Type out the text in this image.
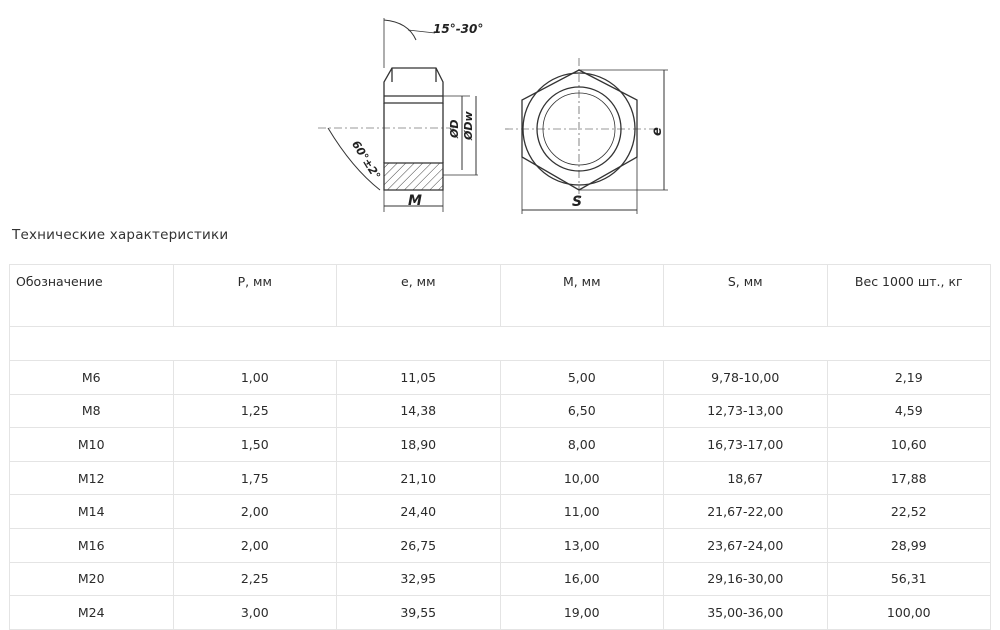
15°-30°
60°±2°
ØD ØDw
M	S
e
Технические характеристики
Обозначение	P, мм	e, мм	M, мм	S, мм	Вес 1000 шт., кг

M6	1,00	11,05	5,00	9,78-10,00	2,19
M8	1,25	14,38	6,50	12,73-13,00	4,59
M10	1,50	18,90	8,00	16,73-17,00	10,60
M12	1,75	21,10	10,00	18,67	17,88
M14	2,00	24,40	11,00	21,67-22,00	22,52
M16	2,00	26,75	13,00	23,67-24,00	28,99
M20	2,25	32,95	16,00	29,16-30,00	56,31
M24	3,00	39,55	19,00	35,00-36,00	100,00
